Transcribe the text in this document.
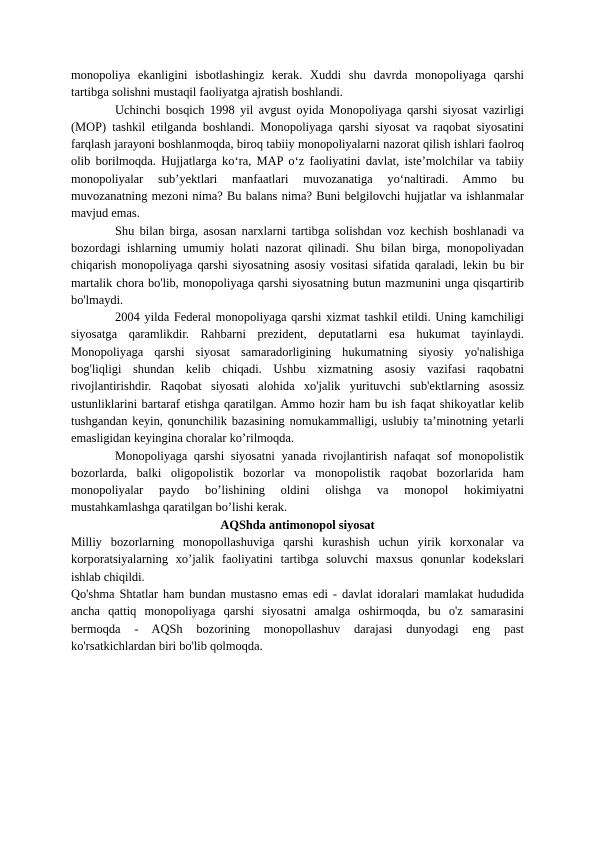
monopoliya ekanligini isbotlashingiz kerak. Xuddi shu davrda monopoliyaga qarshi tartibga solishni mustaqil faoliyatga ajratish boshlandi.

Uchinchi bosqich 1998 yil avgust oyida Monopoliyaga qarshi siyosat vazirligi (MOP) tashkil etilganda boshlandi. Monopoliyaga qarshi siyosat va raqobat siyosatini farqlash jarayoni boshlanmoqda, biroq tabiiy monopoliyalarni nazorat qilish ishlari faolroq olib borilmoqda. Hujjatlarga koʻra, MAP oʻz faoliyatini davlat, isteʼmolchilar va tabiiy monopoliyalar subʼyektlari manfaatlari muvozanatiga yoʻnaltiradi. Ammo bu muvozanatning mezoni nima? Bu balans nima? Buni belgilovchi hujjatlar va ishlanmalar mavjud emas.

Shu bilan birga, asosan narxlarni tartibga solishdan voz kechish boshlanadi va bozordagi ishlarning umumiy holati nazorat qilinadi. Shu bilan birga, monopoliyadan chiqarish monopoliyaga qarshi siyosatning asosiy vositasi sifatida qaraladi, lekin bu bir martalik chora bo'lib, monopoliyaga qarshi siyosatning butun mazmunini unga qisqartirib bo'lmaydi.

2004 yilda Federal monopoliyaga qarshi xizmat tashkil etildi. Uning kamchiligi siyosatga qaramlikdir. Rahbarni prezident, deputatlarni esa hukumat tayinlaydi. Monopoliyaga qarshi siyosat samaradorligining hukumatning siyosiy yo'nalishiga bog'liqligi shundan kelib chiqadi. Ushbu xizmatning asosiy vazifasi raqobatni rivojlantirishdir. Raqobat siyosati alohida xo'jalik yurituvchi sub'ektlarning asossiz ustunliklarini bartaraf etishga qaratilgan. Ammo hozir ham bu ish faqat shikoyatlar kelib tushgandan keyin, qonunchilik bazasining nomukammalligi, uslubiy ta’minotning yetarli emasligidan keyingina choralar ko’rilmoqda.

Monopoliyaga qarshi siyosatni yanada rivojlantirish nafaqat sof monopolistik bozorlarda, balki oligopolistik bozorlar va monopolistik raqobat bozorlarida ham monopoliyalar paydo bo’lishining oldini olishga va monopol hokimiyatni mustahkamlashga qaratilgan bo’lishi kerak.

AQShda antimonopol siyosat

Milliy bozorlarning monopollashuviga qarshi kurashish uchun yirik korxonalar va korporatsiyalarning xo’jalik faoliyatini tartibga soluvchi maxsus qonunlar kodekslari ishlab chiqildi.

Qo'shma Shtatlar ham bundan mustasno emas edi - davlat idoralari mamlakat hududida ancha qattiq monopoliyaga qarshi siyosatni amalga oshirmoqda, bu o'z samarasini bermoqda - AQSh bozorining monopollashuv darajasi dunyodagi eng past ko'rsatkichlardan biri bo'lib qolmoqda.
